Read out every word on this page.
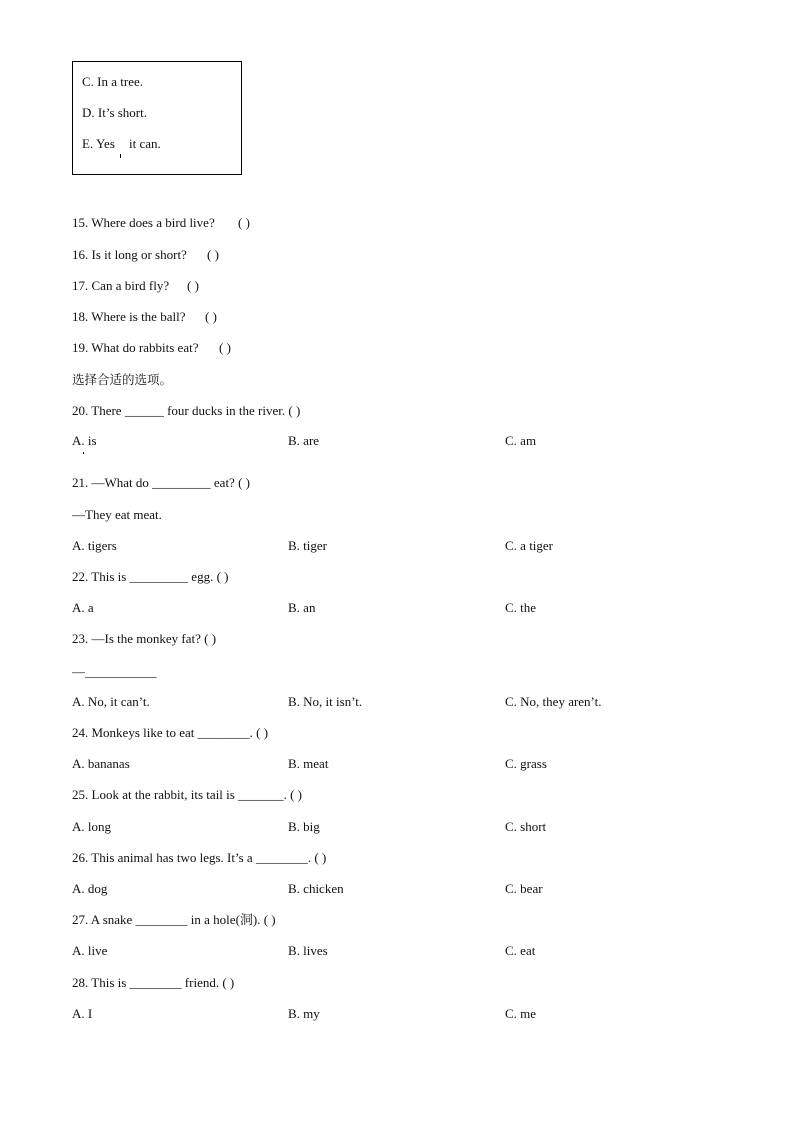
C. In a tree.
D. It’s short.
E. Yes it can.
15. Where does a bird live? ( )
16. Is it long or short? ( )
17. Can a bird fly? ( )
18. Where is the ball? ( )
19. What do rabbits eat? ( )
选择合适的选项。
20. There ______ four ducks in the river. ( )
A. is	B. are	C. am
21. —What do _________ eat? ( )
—They eat meat.
A. tigers	B. tiger	C. a tiger
22. This is _________ egg. ( )
A. a	B. an	C. the
23. —Is the monkey fat? ( )
—___________
A. No, it can’t.	B. No, it isn’t.	C. No, they aren’t.
24. Monkeys like to eat ________. ( )
A. bananas	B. meat	C. grass
25. Look at the rabbit, its tail is _______. ( )
A. long	B. big	C. short
26. This animal has two legs. It’s a ________. ( )
A. dog	B. chicken	C. bear
27. A snake ________ in a hole(洞). ( )
A. live	B. lives	C. eat
28. This is ________ friend. ( )
A. I	B. my	C. me
